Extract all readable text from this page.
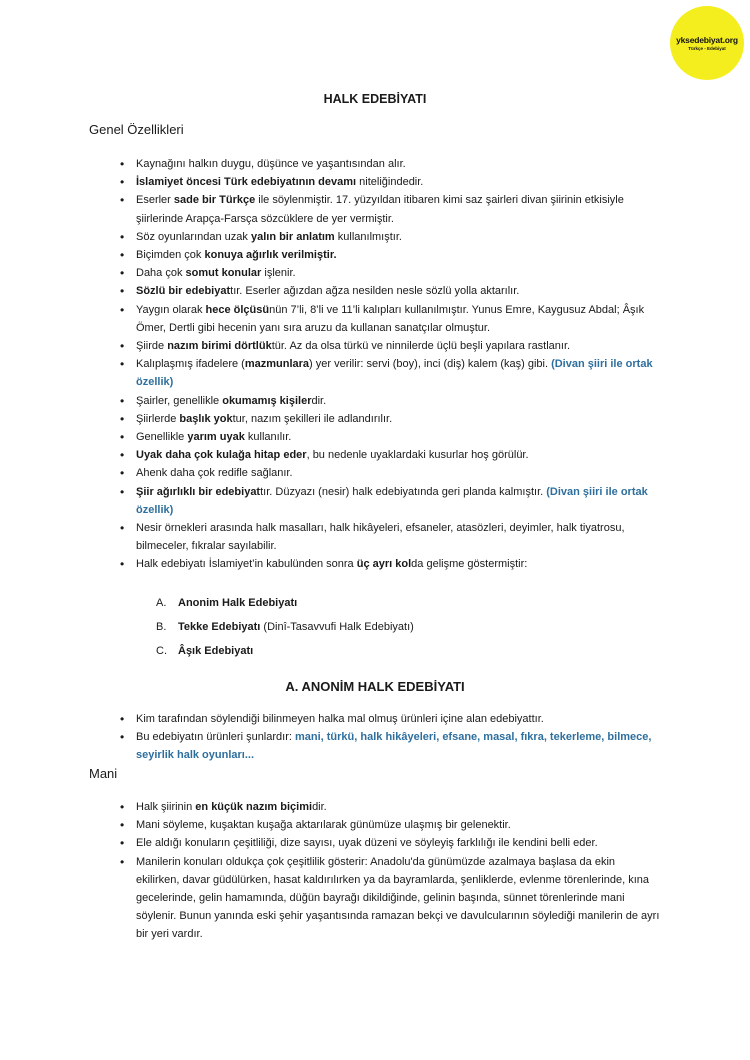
yksedebiyat.org
Türkçe - Edebiyat
HALK EDEBİYATI
Genel Özellikleri
• Kaynağını halkın duygu, düşünce ve yaşantısından alır.
• İslamiyet öncesi Türk edebiyatının devamı niteliğindedir.
• Eserler sade bir Türkçe ile söylenmiştir. 17. yüzyıldan itibaren kimi saz şairleri divan şiirinin etkisiyle şiirlerinde Arapça-Farsça sözcüklere de yer vermiştir.
• Söz oyunlarından uzak yalın bir anlatım kullanılmıştır.
• Biçimden çok konuya ağırlık verilmiştir.
• Daha çok somut konular işlenir.
• Sözlü bir edebiyattır. Eserler ağızdan ağza nesilden nesle sözlü yolla aktarılır.
• Yaygın olarak hece ölçüsünün 7’li, 8’li ve 11’li kalıpları kullanılmıştır. Yunus Emre, Kaygusuz Abdal; Âşık Ömer, Dertli gibi hecenin yanı sıra aruzu da kullanan sanatçılar olmuştur.
• Şiirde nazım birimi dörtlüktür. Az da olsa türkü ve ninnilerde üçlü beşli yapılara rastlanır.
• Kalıplaşmış ifadelere (mazmunlara) yer verilir: servi (boy), inci (diş) kalem (kaş) gibi. (Divan şiiri ile ortak özellik)
• Şairler, genellikle okumamış kişilerdir.
• Şiirlerde başlık yoktur, nazım şekilleri ile adlandırılır.
• Genellikle yarım uyak kullanılır.
• Uyak daha çok kulağa hitap eder, bu nedenle uyaklardaki kusurlar hoş görülür.
• Ahenk daha çok redifle sağlanır.
• Şiir ağırlıklı bir edebiyattır. Düzyazı (nesir) halk edebiyatında geri planda kalmıştır. (Divan şiiri ile ortak özellik)
• Nesir örnekleri arasında halk masalları, halk hikâyeleri, efsaneler, atasözleri, deyimler, halk tiyatrosu, bilmeceler, fıkralar sayılabilir.
• Halk edebiyatı İslamiyet’in kabulünden sonra üç ayrı kolda gelişme göstermiştir:
A. Anonim Halk Edebiyatı
B. Tekke Edebiyatı (Dinî-Tasavvufi Halk Edebiyatı)
C. Âşık Edebiyatı
A. ANONİM HALK EDEBİYATI
• Kim tarafından söylendiği bilinmeyen halka mal olmuş ürünleri içine alan edebiyattır.
• Bu edebiyatın ürünleri şunlardır: mani, türkü, halk hikâyeleri, efsane, masal, fıkra, tekerleme, bilmece, seyirlik halk oyunları...
Mani
• Halk şiirinin en küçük nazım biçimidir.
• Mani söyleme, kuşaktan kuşağa aktarılarak günümüze ulaşmış bir gelenektir.
• Ele aldığı konuların çeşitliliği, dize sayısı, uyak düzeni ve söyleyiş farklılığı ile kendini belli eder.
• Manilerin konuları oldukça çok çeşitlilik gösterir: Anadolu'da günümüzde azalmaya başlasa da ekin ekilirken, davar güdülürken, hasat kaldırılırken ya da bayramlarda, şenliklerde, evlenme törenlerinde, kına gecelerinde, gelin hamamında, düğün bayrağı dikildiğinde, gelinin başında, sünnet törenlerinde mani söylenir. Bunun yanında eski şehir yaşantısında ramazan bekçi ve davulcularının söylediği manilerin de ayrı bir yeri vardır.
